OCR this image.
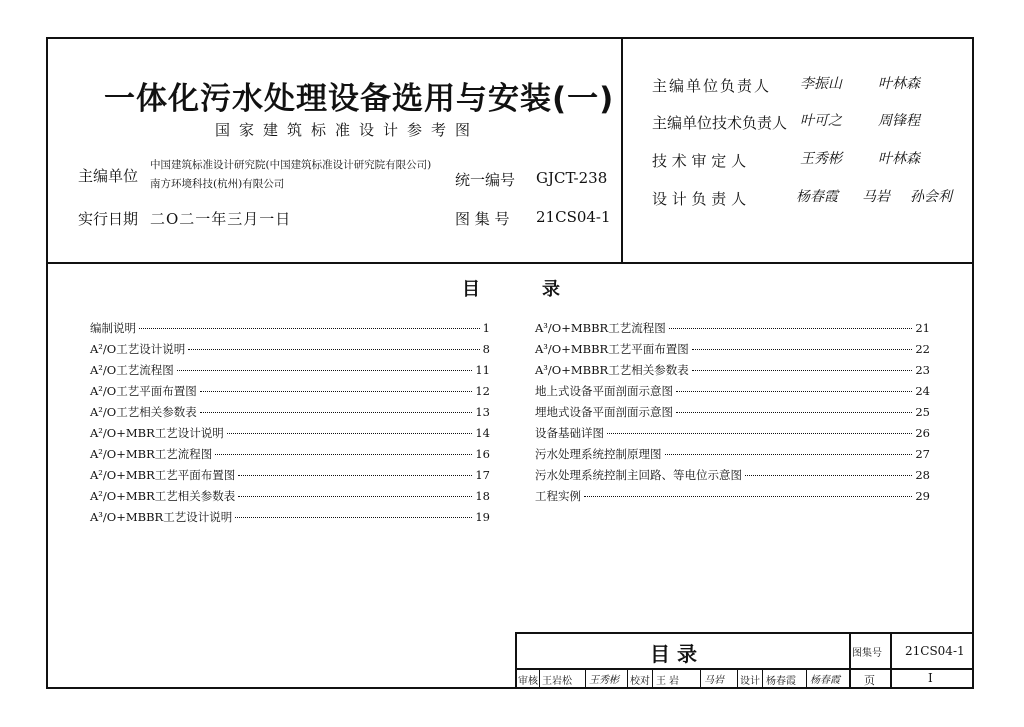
一体化污水处理设备选用与安装(一)
国家建筑标准设计参考图
主编单位
中国建筑标准设计研究院(中国建筑标准设计研究院有限公司)
南方环境科技(杭州)有限公司	统一编号 GJCT-238
实行日期 二O二一年三月一日	图 集 号 21CS04-1
主编单位负责人 李振山	叶林森
主编单位技术负责人 叶可之	周锋程
技 术 审 定 人	王秀彬	叶林森
设 计 负 责 人	杨春霞 马岩 孙会利
目	录
编制说明	1
A²/O工艺设计说明	8
A²/O工艺流程图	11
A²/O工艺平面布置图	12
A²/O工艺相关参数表	13
A²/O+MBR工艺设计说明	14
A²/O+MBR工艺流程图	16
A²/O+MBR工艺平面布置图	17
A²/O+MBR工艺相关参数表	18
A³/O+MBBR工艺设计说明	19
A³/O+MBBR工艺流程图	21
A³/O+MBBR工艺平面布置图	22
A³/O+MBBR工艺相关参数表	23
地上式设备平面剖面示意图	24
埋地式设备平面剖面示意图	25
设备基础详图	26
污水处理系统控制原理图	27
污水处理系统控制主回路、等电位示意图	28
工程实例	29
目 录	图集号 21CS04-1
审核 王岩松 王秀彬 校对 王岩 马岩 设计 杨春霞 杨春霞 页	I
